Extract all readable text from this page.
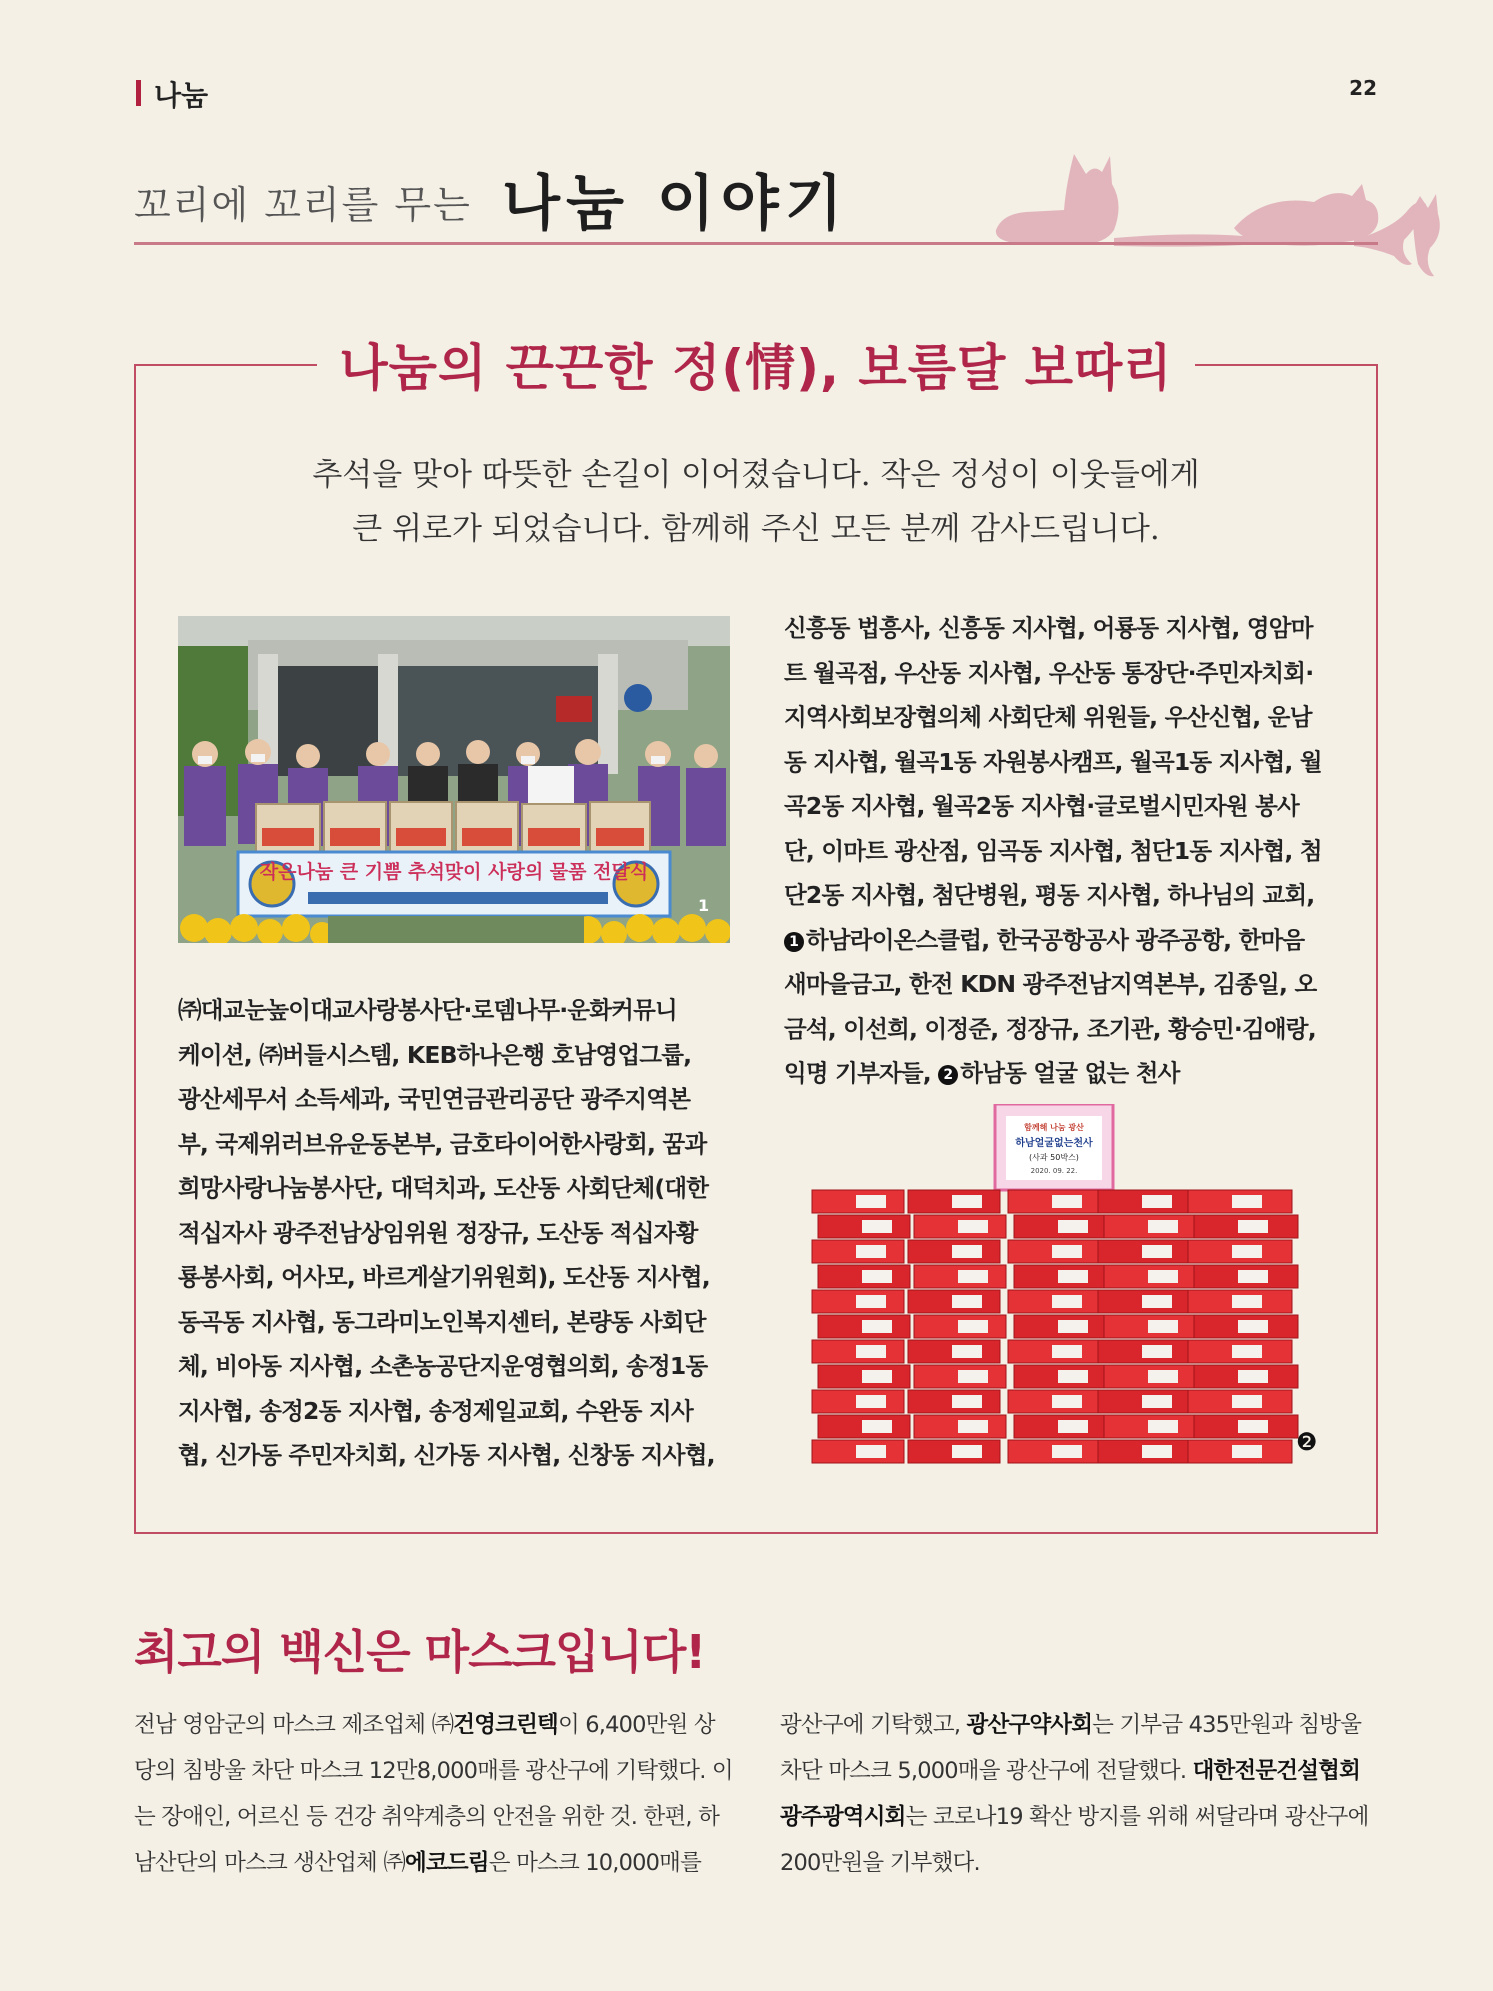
나눔	22
꼬리에 꼬리를 무는 나눔 이야기
나눔의 끈끈한 정(情), 보름달 보따리
추석을 맞아 따뜻한 손길이 이어졌습니다. 작은 정성이 이웃들에게
큰 위로가 되었습니다. 함께해 주신 모든 분께 감사드립니다.
작은나눔 큰 기쁨 추석맞이 사랑의 물품 전달식
1
㈜대교눈높이대교사랑봉사단·로뎀나무·운화커뮤니
케이션, ㈜버들시스템, KEB하나은행 호남영업그룹,
광산세무서 소득세과, 국민연금관리공단 광주지역본
부, 국제위러브유운동본부, 금호타이어한사랑회, 꿈과
희망사랑나눔봉사단, 대덕치과, 도산동 사회단체(대한
적십자사 광주전남상임위원 정장규, 도산동 적십자황
룡봉사회, 어사모, 바르게살기위원회), 도산동 지사협,
동곡동 지사협, 동그라미노인복지센터, 본량동 사회단
체, 비아동 지사협, 소촌농공단지운영협의회, 송정1동
지사협, 송정2동 지사협, 송정제일교회, 수완동 지사
협, 신가동 주민자치회, 신가동 지사협, 신창동 지사협,
신흥동 법흥사, 신흥동 지사협, 어룡동 지사협, 영암마
트 월곡점, 우산동 지사협, 우산동 통장단·주민자치회·
지역사회보장협의체 사회단체 위원들, 우산신협, 운남
동 지사협, 월곡1동 자원봉사캠프, 월곡1동 지사협, 월
곡2동 지사협, 월곡2동 지사협·글로벌시민자원 봉사
단, 이마트 광산점, 임곡동 지사협, 첨단1동 지사협, 첨
단2동 지사협, 첨단병원, 평동 지사협, 하나님의 교회,
1 하남라이온스클럽, 한국공항공사 광주공항, 한마음
새마을금고, 한전 KDN 광주전남지역본부, 김종일, 오
금석, 이선희, 이정준, 정장규, 조기관, 황승민·김애랑,
익명 기부자들, 2 하남동 얼굴 없는 천사
함께해 나눔 광산
하남얼굴없는천사
(사과 50박스)
2020. 09. 22.
❷
최고의 백신은 마스크입니다!
전남 영암군의 마스크 제조업체 ㈜건영크린텍이 6,400만원 상당의 침방울 차단 마스크 12만8,000매를 광산구에 기탁했다. 이는 장애인, 어르신 등 건강 취약계층의 안전을 위한 것. 한편, 하남산단의 마스크 생산업체 ㈜에코드림은 마스크 10,000매를
광산구에 기탁했고, 광산구약사회는 기부금 435만원과 침방울 차단 마스크 5,000매을 광산구에 전달했다. 대한전문건설협회 광주광역시회는 코로나19 확산 방지를 위해 써달라며 광산구에 200만원을 기부했다.
